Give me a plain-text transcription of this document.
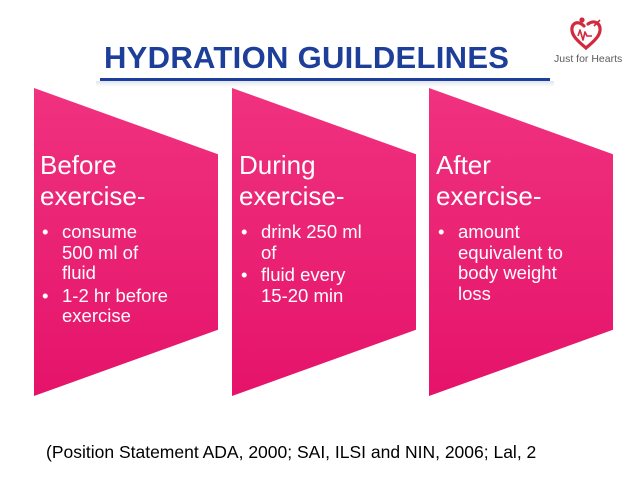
HYDRATION GUILDELINES	Just for Hearts
Before
exercise-
• consume
500 ml of
fluid
• 1-2 hr before
exercise
During
exercise-
• drink 250 ml
of
• fluid every
15-20 min
After
exercise-
• amount
equivalent to
body weight
loss
(Position Statement ADA, 2000; SAI, ILSI and NIN, 2006; Lal, 2
